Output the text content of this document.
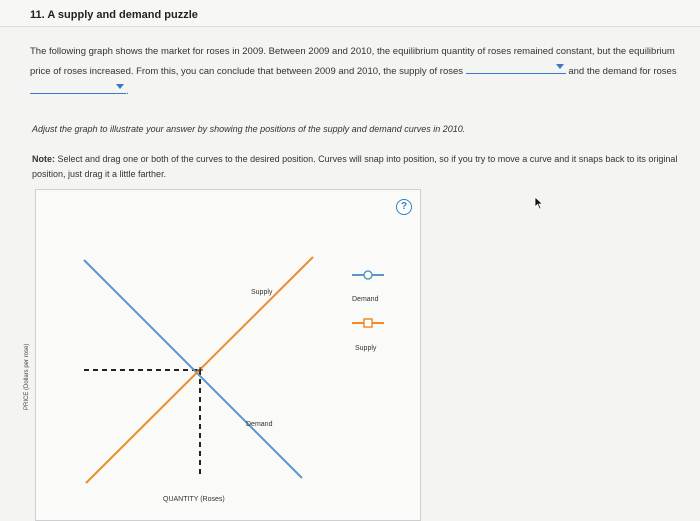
11. A supply and demand puzzle
The following graph shows the market for roses in 2009. Between 2009 and 2010, the equilibrium quantity of roses remained constant, but the equilibrium price of roses increased. From this, you can conclude that between 2009 and 2010, the supply of roses	and the demand for roses
.
Adjust the graph to illustrate your answer by showing the positions of the supply and demand curves in 2010.
Note: Select and drag one or both of the curves to the desired position. Curves will snap into position, so if you try to move a curve and it snaps back to its original position, just drag it a little farther.
?
Supply
Demand
Demand
Supply
PRICE (Dollars per rose)
QUANTITY (Roses)
